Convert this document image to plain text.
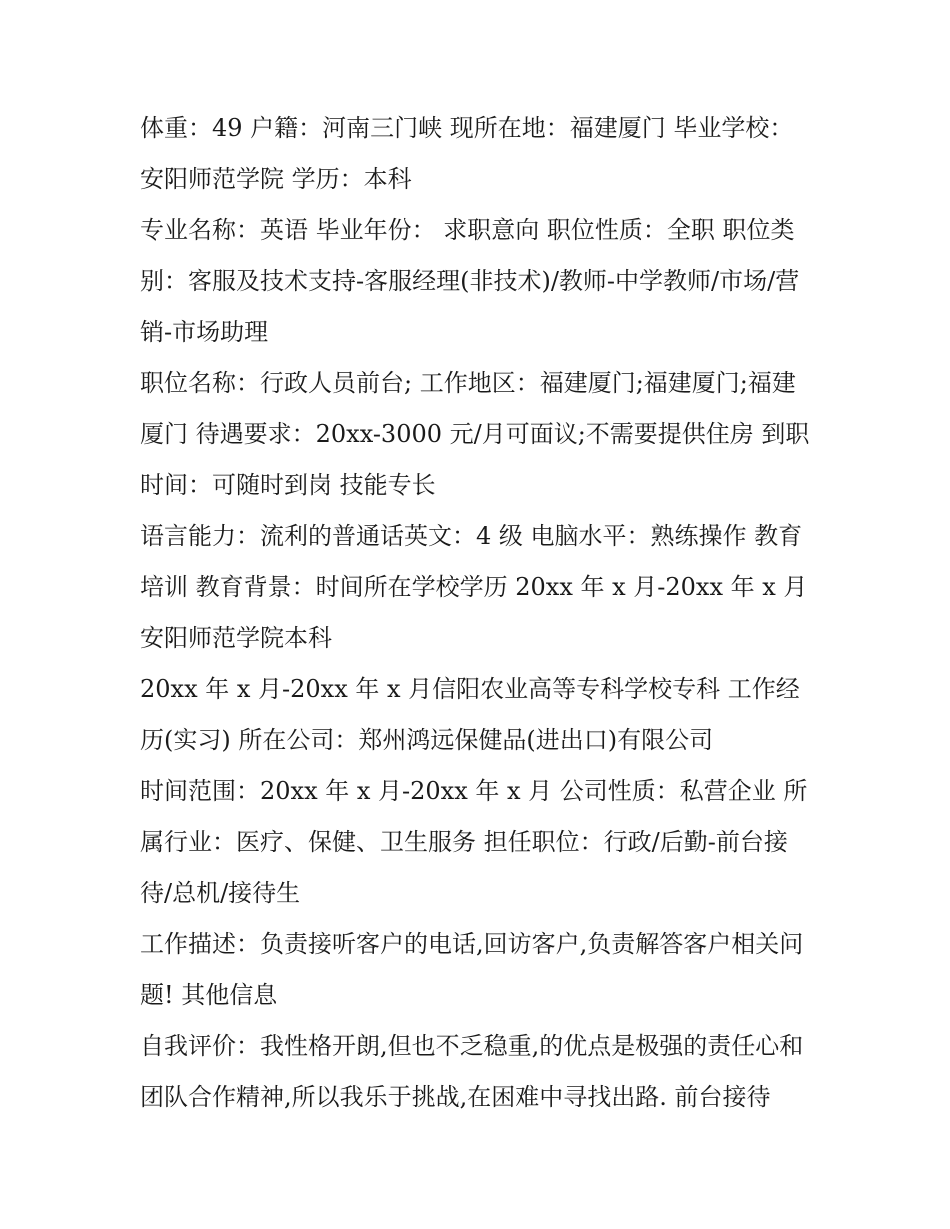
体重：49 户籍：河南三门峡 现所在地：福建厦门 毕业学校：安阳师范学院 学历：本科

专业名称：英语 毕业年份： 求职意向 职位性质：全职 职位类别：客服及技术支持-客服经理(非技术)/教师-中学教师/市场/营销-市场助理

职位名称：行政人员前台; 工作地区：福建厦门;福建厦门;福建厦门 待遇要求：20xx-3000 元/月可面议;不需要提供住房 到职时间：可随时到岗 技能专长

语言能力：流利的普通话英文：4 级 电脑水平：熟练操作 教育培训 教育背景：时间所在学校学历 20xx 年 x 月-20xx 年 x 月安阳师范学院本科

20xx 年 x 月-20xx 年 x 月信阳农业高等专科学校专科 工作经历(实习) 所在公司：郑州鸿远保健品(进出口)有限公司

时间范围：20xx 年 x 月-20xx 年 x 月 公司性质：私营企业 所属行业：医疗、保健、卫生服务 担任职位：行政/后勤-前台接待/总机/接待生

工作描述：负责接听客户的电话,回访客户,负责解答客户相关问题! 其他信息

自我评价：我性格开朗,但也不乏稳重,的优点是极强的责任心和团队合作精神,所以我乐于挑战,在困难中寻找出路. 前台接待
